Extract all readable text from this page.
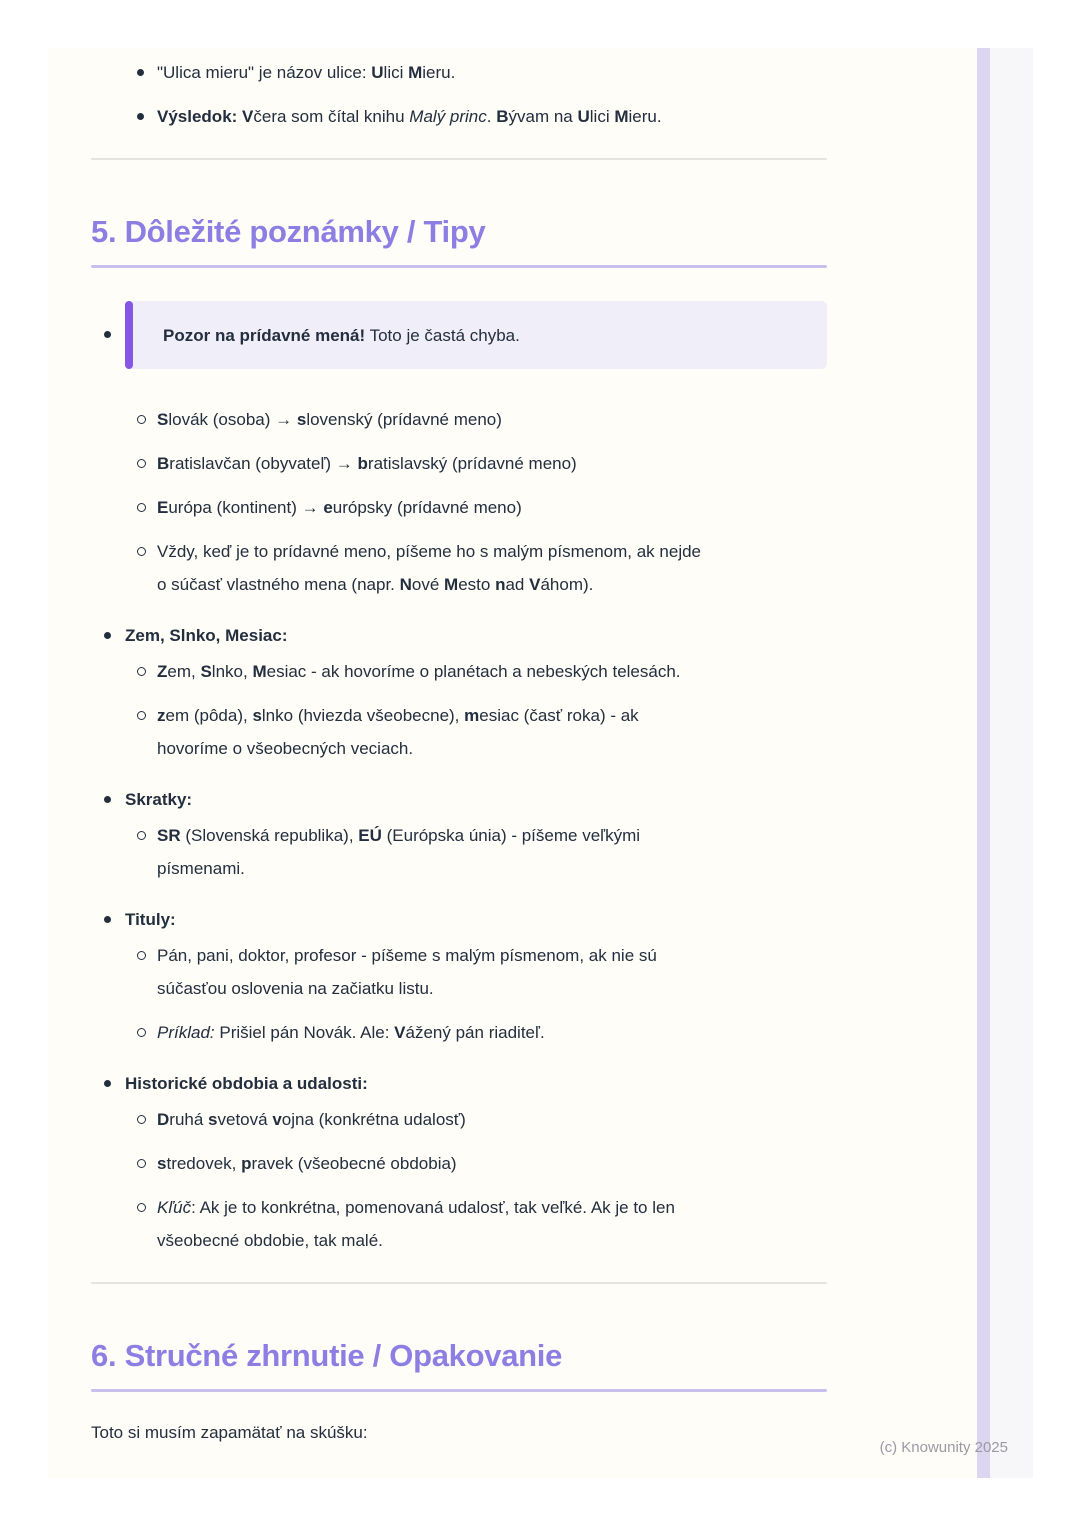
"Ulica mieru" je názov ulice: Ulici Mieru.
Výsledok: Včera som čítal knihu Malý princ. Bývam na Ulici Mieru.
5. Dôležité poznámky / Tipy
Pozor na prídavné mená! Toto je častá chyba.
Slovák (osoba) → slovenský (prídavné meno)
Bratislavčan (obyvateľ) → bratislavský (prídavné meno)
Európa (kontinent) → európsky (prídavné meno)
Vždy, keď je to prídavné meno, píšeme ho s malým písmenom, ak nejde
o súčasť vlastného mena (napr. Nové Mesto nad Váhom).
Zem, Slnko, Mesiac:
Zem, Slnko, Mesiac - ak hovoríme o planétach a nebeských telesách.
zem (pôda), slnko (hviezda všeobecne), mesiac (časť roka) - ak
hovoríme o všeobecných veciach.
Skratky:
SR (Slovenská republika), EÚ (Európska únia) - píšeme veľkými
písmenami.
Tituly:
Pán, pani, doktor, profesor - píšeme s malým písmenom, ak nie sú
súčasťou oslovenia na začiatku listu.
Príklad: Prišiel pán Novák. Ale: Vážený pán riaditeľ.
Historické obdobia a udalosti:
Druhá svetová vojna (konkrétna udalosť)
stredovek, pravek (všeobecné obdobia)
Kľúč: Ak je to konkrétna, pomenovaná udalosť, tak veľké. Ak je to len
všeobecné obdobie, tak malé.
6. Stručné zhrnutie / Opakovanie
Toto si musím zapamätať na skúšku:
(c) Knowunity 2025
